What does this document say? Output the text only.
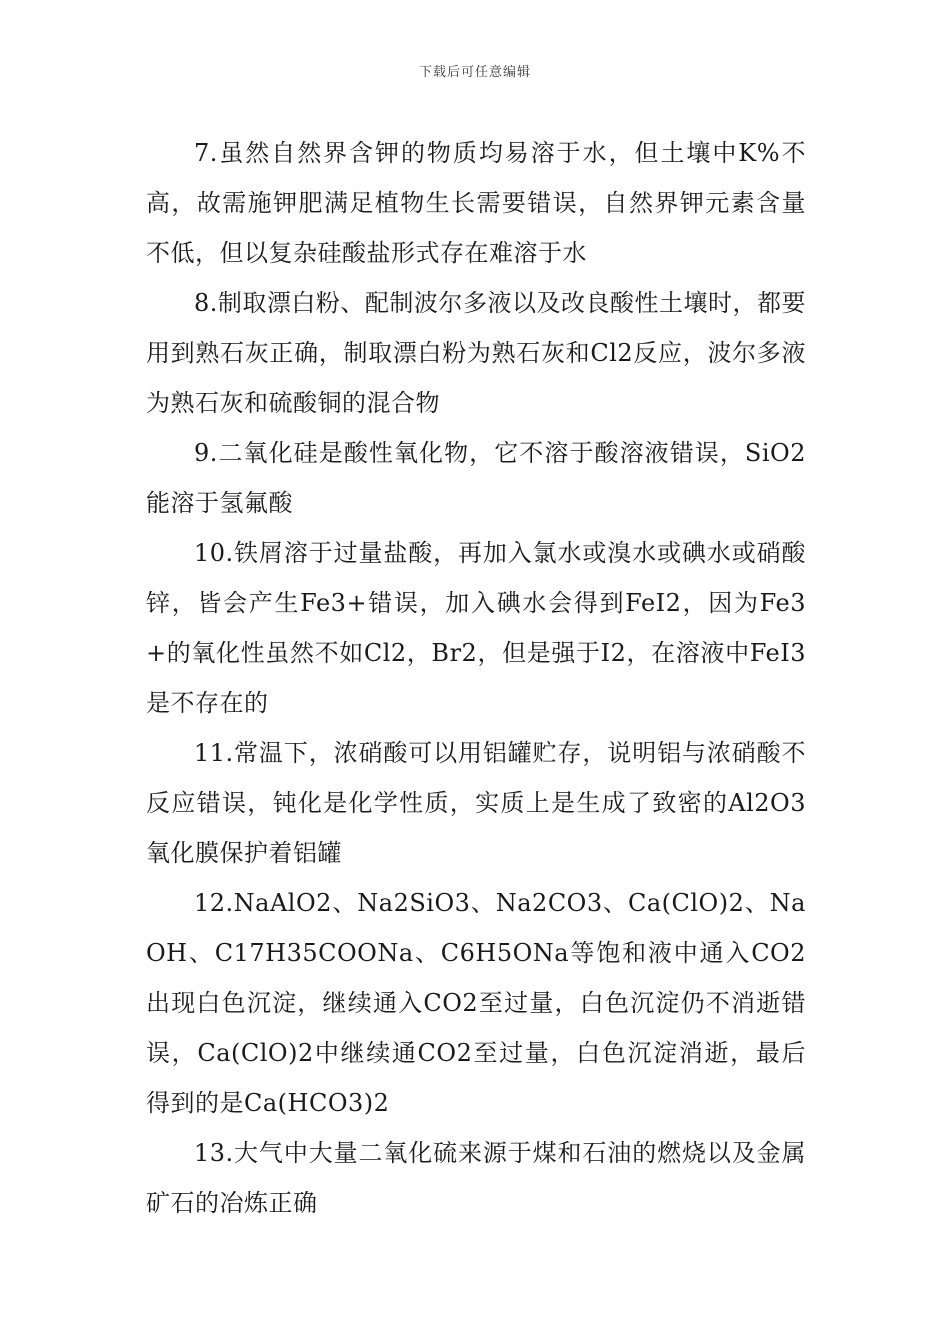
下载后可任意编辑

7.虽然自然界含钾的物质均易溶于水，但土壤中K%不高，故需施钾肥满足植物生长需要错误，自然界钾元素含量不低，但以复杂硅酸盐形式存在难溶于水

8.制取漂白粉、配制波尔多液以及改良酸性土壤时，都要用到熟石灰正确，制取漂白粉为熟石灰和Cl2反应，波尔多液为熟石灰和硫酸铜的混合物

9.二氧化硅是酸性氧化物，它不溶于酸溶液错误，SiO2能溶于氢氟酸

10.铁屑溶于过量盐酸，再加入氯水或溴水或碘水或硝酸锌，皆会产生Fe3+错误，加入碘水会得到FeI2，因为Fe3+的氧化性虽然不如Cl2，Br2，但是强于I2，在溶液中FeI3是不存在的

11.常温下，浓硝酸可以用铝罐贮存，说明铝与浓硝酸不反应错误，钝化是化学性质，实质上是生成了致密的Al2O3氧化膜保护着铝罐

12.NaAlO2、Na2SiO3、Na2CO3、Ca(ClO)2、NaOH、C17H35COONa、C6H5ONa等饱和液中通入CO2出现白色沉淀，继续通入CO2至过量，白色沉淀仍不消逝错误，Ca(ClO)2中继续通CO2至过量，白色沉淀消逝，最后得到的是Ca(HCO3)2

13.大气中大量二氧化硫来源于煤和石油的燃烧以及金属矿石的冶炼正确
